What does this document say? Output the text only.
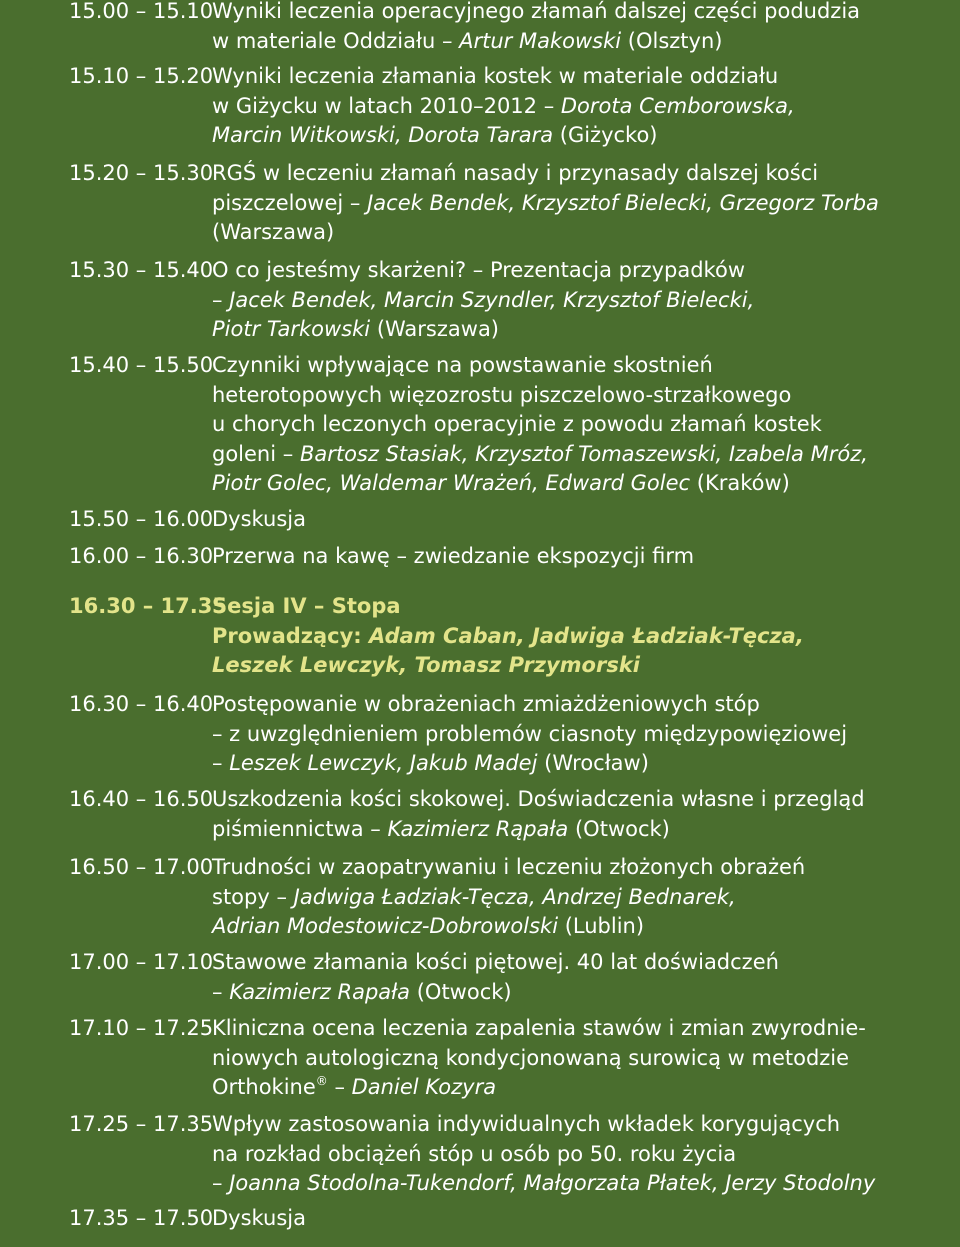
15.00 – 15.10
Wyniki leczenia operacyjnego złamań dalszej części podudzia
w materiale Oddziału – Artur Makowski (Olsztyn)
15.10 – 15.20
Wyniki leczenia złamania kostek w materiale oddziału
w Giżycku w latach 2010–2012 – Dorota Cemborowska,
Marcin Witkowski, Dorota Tarara (Giżycko)
15.20 – 15.30
RGŚ w leczeniu złamań nasady i przynasady dalszej kości
piszczelowej – Jacek Bendek, Krzysztof Bielecki, Grzegorz Torba
(Warszawa)
15.30 – 15.40
O co jesteśmy skarżeni? – Prezentacja przypadków
– Jacek Bendek, Marcin Szyndler, Krzysztof Bielecki,
Piotr Tarkowski (Warszawa)
15.40 – 15.50
Czynniki wpływające na powstawanie skostnień
heterotopowych więzozrostu piszczelowo-strzałkowego
u chorych leczonych operacyjnie z powodu złamań kostek
goleni – Bartosz Stasiak, Krzysztof Tomaszewski, Izabela Mróz,
Piotr Golec, Waldemar Wrażeń, Edward Golec (Kraków)
15.50 – 16.00
Dyskusja
16.00 – 16.30
Przerwa na kawę – zwiedzanie ekspozycji firm
16.30 – 17.35
Sesja IV – Stopa
Prowadzący: Adam Caban, Jadwiga Ładziak-Tęcza,
Leszek Lewczyk, Tomasz Przymorski
16.30 – 16.40
Postępowanie w obrażeniach zmiażdżeniowych stóp
– z uwzględnieniem problemów ciasnoty międzypowięziowej
– Leszek Lewczyk, Jakub Madej (Wrocław)
16.40 – 16.50
Uszkodzenia kości skokowej. Doświadczenia własne i przegląd
piśmiennictwa – Kazimierz Rąpała (Otwock)
16.50 – 17.00
Trudności w zaopatrywaniu i leczeniu złożonych obrażeń
stopy – Jadwiga Ładziak-Tęcza, Andrzej Bednarek,
Adrian Modestowicz-Dobrowolski (Lublin)
17.00 – 17.10
Stawowe złamania kości piętowej. 40 lat doświadczeń
– Kazimierz Rapała (Otwock)
17.10 – 17.25
Kliniczna ocena leczenia zapalenia stawów i zmian zwyrodnie-
niowych autologiczną kondycjonowaną surowicą w metodzie
Orthokine® – Daniel Kozyra
17.25 – 17.35
Wpływ zastosowania indywidualnych wkładek korygujących
na rozkład obciążeń stóp u osób po 50. roku życia
– Joanna Stodolna-Tukendorf, Małgorzata Płatek, Jerzy Stodolny
17.35 – 17.50
Dyskusja
